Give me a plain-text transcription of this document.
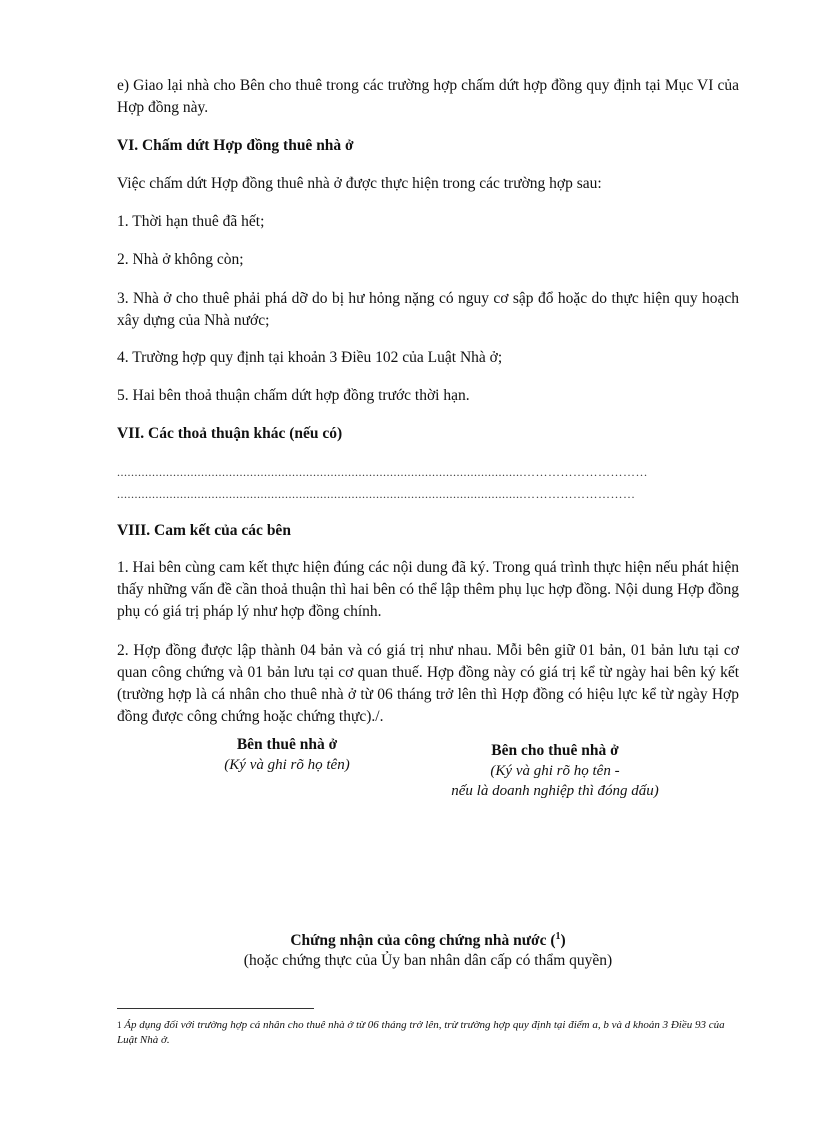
e) Giao lại nhà cho Bên cho thuê trong các trường hợp chấm dứt hợp đồng quy định tại Mục VI của Hợp đồng này.

VI. Chấm dứt Hợp đồng thuê nhà ở

Việc chấm dứt Hợp đồng thuê nhà ở được thực hiện trong các trường hợp sau:

1. Thời hạn thuê đã hết;

2. Nhà ở không còn;

3. Nhà ở cho thuê phải phá dỡ do bị hư hỏng nặng có nguy cơ sập đổ hoặc do thực hiện quy hoạch xây dựng của Nhà nước;

4. Trường hợp quy định tại khoản 3 Điều 102 của Luật Nhà ở;

5. Hai bên thoả thuận chấm dứt hợp đồng trước thời hạn.

VII. Các thoả thuận khác (nếu có)

....................................................................................................................…………………………
....................................................................................................................………………………

VIII. Cam kết của các bên

1. Hai bên cùng cam kết thực hiện đúng các nội dung đã ký. Trong quá trình thực hiện nếu phát hiện thấy những vấn đề cần thoả thuận thì hai bên có thể lập thêm phụ lục hợp đồng. Nội dung Hợp đồng phụ có giá trị pháp lý như hợp đồng chính.

2. Hợp đồng được lập thành 04 bản và có giá trị như nhau. Mỗi bên giữ 01 bản, 01 bản lưu tại cơ quan công chứng và 01 bản lưu tại cơ quan thuế. Hợp đồng này có giá trị kể từ ngày hai bên ký kết (trường hợp là cá nhân cho thuê nhà ở từ 06 tháng trở lên thì Hợp đồng có hiệu lực kể từ ngày Hợp đồng được công chứng hoặc chứng thực)./.

Bên thuê nhà ở
(Ký và ghi rõ họ tên)
Bên cho thuê nhà ở
(Ký và ghi rõ họ tên -
nếu là doanh nghiệp thì đóng dấu)
Chứng nhận của công chứng nhà nước ($^1$)
(hoặc chứng thực của Ủy ban nhân dân cấp có thẩm quyền)
$^1$ Áp dụng đối với trường hợp cá nhân cho thuê nhà ở từ 06 tháng trở lên, trừ trường hợp quy định tại điểm a, b và d khoản 3 Điều 93 của Luật Nhà ở.
